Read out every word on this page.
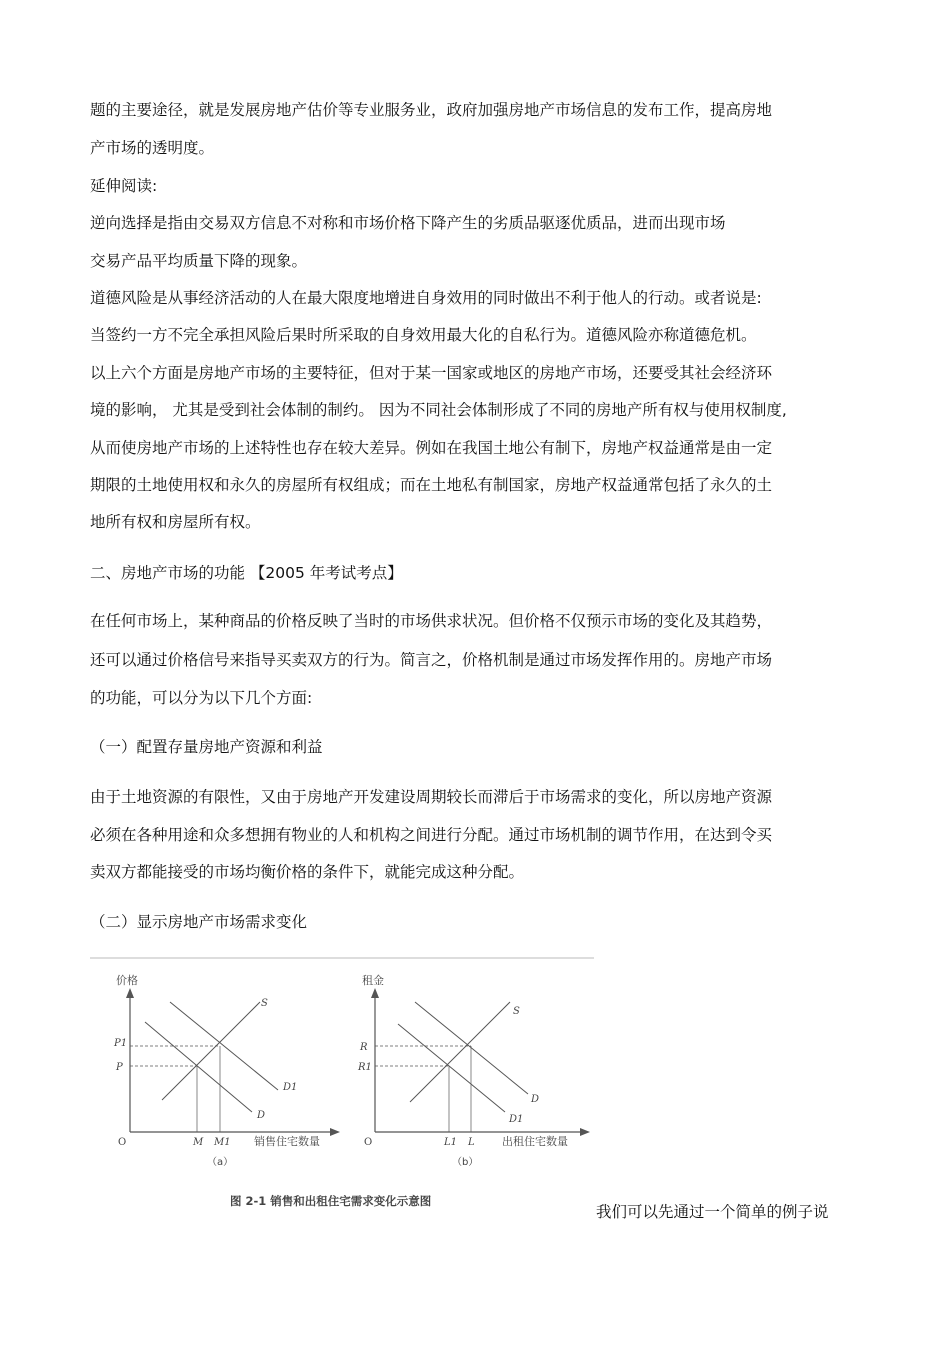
题的主要途径，就是发展房地产估价等专业服务业，政府加强房地产市场信息的发布工作，提高房地
产市场的透明度。
延伸阅读:
逆向选择是指由交易双方信息不对称和市场价格下降产生的劣质品驱逐优质品，进而出现市场
交易产品平均质量下降的现象。
道德风险是从事经济活动的人在最大限度地增进自身效用的同时做出不利于他人的行动。或者说是:
当签约一方不完全承担风险后果时所采取的自身效用最大化的自私行为。道德风险亦称道德危机。
以上六个方面是房地产市场的主要特征，但对于某一国家或地区的房地产市场，还要受其社会经济环
境的影响， 尤其是受到社会体制的制约。 因为不同社会体制形成了不同的房地产所有权与使用权制度,
从而使房地产市场的上述特性也存在较大差异。例如在我国土地公有制下，房地产权益通常是由一定
期限的土地使用权和永久的房屋所有权组成；而在土地私有制国家，房地产权益通常包括了永久的土
地所有权和房屋所有权。
二、房地产市场的功能 【2005 年考试考点】
在任何市场上，某种商品的价格反映了当时的市场供求状况。但价格不仅预示市场的变化及其趋势，
还可以通过价格信号来指导买卖双方的行为。简言之，价格机制是通过市场发挥作用的。房地产市场
的功能，可以分为以下几个方面:
（一）配置存量房地产资源和利益
由于土地资源的有限性，又由于房地产开发建设周期较长而滞后于市场需求的变化，所以房地产资源
必须在各种用途和众多想拥有物业的人和机构之间进行分配。通过市场机制的调节作用，在达到令买
卖双方都能接受的市场均衡价格的条件下，就能完成这种分配。
（二）显示房地产市场需求变化
价格
P1
P
O	M M1 销售住宅数量
S
D1
D
（a）
租金
R
R1
O	L1 L 出租住宅数量
S
D
D1
（b）
图 2-1 销售和出租住宅需求变化示意图
我们可以先通过一个简单的例子说
